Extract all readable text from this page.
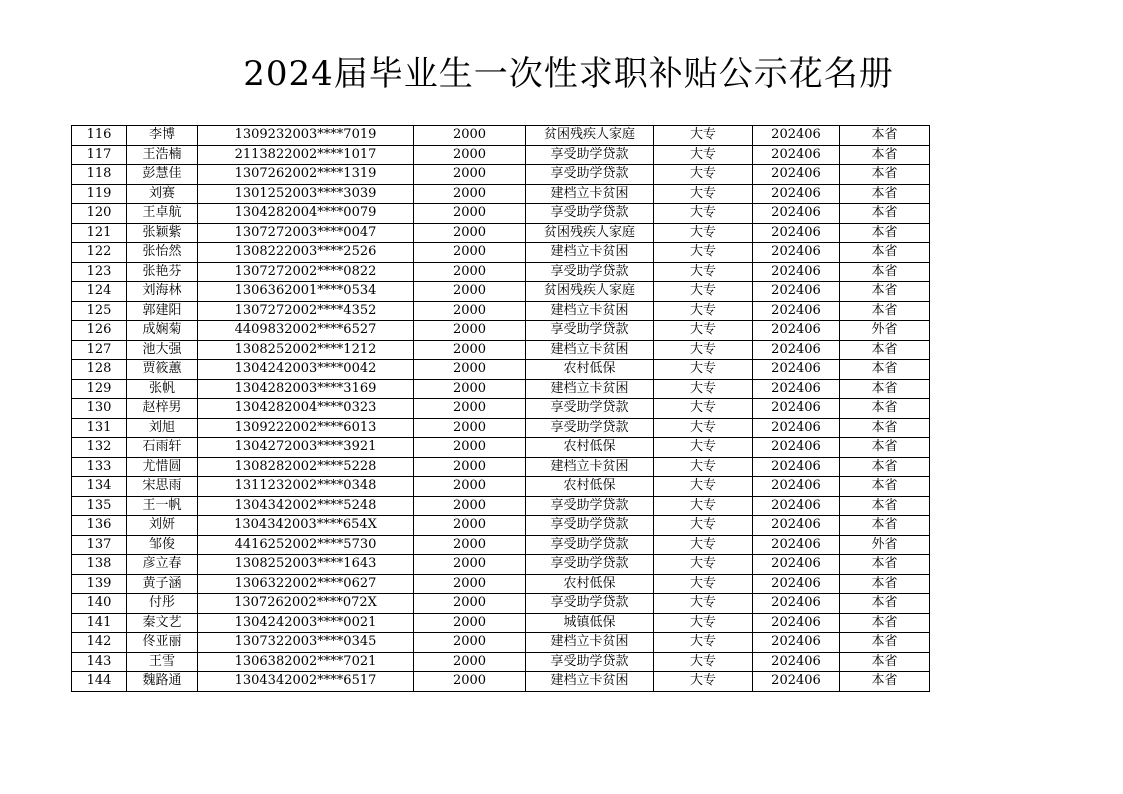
2024届毕业生一次性求职补贴公示花名册
116	李博	1309232003****7019	2000	贫困残疾人家庭	大专	202406	本省
117	王浩楠	2113822002****1017	2000	享受助学贷款	大专	202406	本省
118	彭慧佳	1307262002****1319	2000	享受助学贷款	大专	202406	本省
119	刘赛	1301252003****3039	2000	建档立卡贫困	大专	202406	本省
120	王卓航	1304282004****0079	2000	享受助学贷款	大专	202406	本省
121	张颖紫	1307272003****0047	2000	贫困残疾人家庭	大专	202406	本省
122	张怡然	1308222003****2526	2000	建档立卡贫困	大专	202406	本省
123	张艳芬	1307272002****0822	2000	享受助学贷款	大专	202406	本省
124	刘海林	1306362001****0534	2000	贫困残疾人家庭	大专	202406	本省
125	郭建阳	1307272002****4352	2000	建档立卡贫困	大专	202406	本省
126	成娴菊	4409832002****6527	2000	享受助学贷款	大专	202406	外省
127	池大强	1308252002****1212	2000	建档立卡贫困	大专	202406	本省
128	贾筱蕙	1304242003****0042	2000	农村低保	大专	202406	本省
129	张帆	1304282003****3169	2000	建档立卡贫困	大专	202406	本省
130	赵梓男	1304282004****0323	2000	享受助学贷款	大专	202406	本省
131	刘旭	1309222002****6013	2000	享受助学贷款	大专	202406	本省
132	石雨轩	1304272003****3921	2000	农村低保	大专	202406	本省
133	尤惜圆	1308282002****5228	2000	建档立卡贫困	大专	202406	本省
134	宋思雨	1311232002****0348	2000	农村低保	大专	202406	本省
135	王一帆	1304342002****5248	2000	享受助学贷款	大专	202406	本省
136	刘妍	1304342003****654X	2000	享受助学贷款	大专	202406	本省
137	邹俊	4416252002****5730	2000	享受助学贷款	大专	202406	外省
138	彦立春	1308252003****1643	2000	享受助学贷款	大专	202406	本省
139	黄子涵	1306322002****0627	2000	农村低保	大专	202406	本省
140	付彤	1307262002****072X	2000	享受助学贷款	大专	202406	本省
141	秦文艺	1304242003****0021	2000	城镇低保	大专	202406	本省
142	佟亚丽	1307322003****0345	2000	建档立卡贫困	大专	202406	本省
143	王雪	1306382002****7021	2000	享受助学贷款	大专	202406	本省
144	魏路通	1304342002****6517	2000	建档立卡贫困	大专	202406	本省
